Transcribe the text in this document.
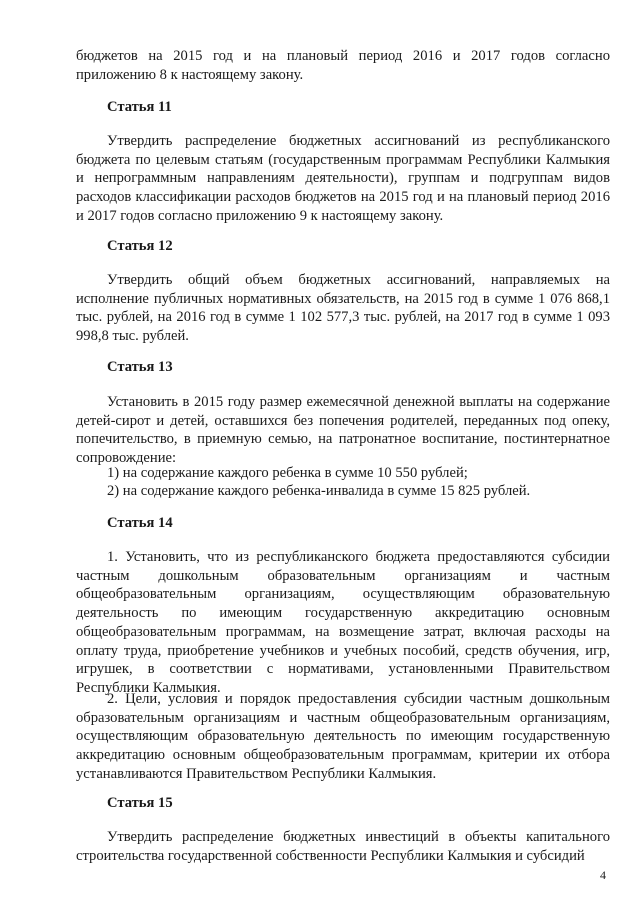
бюджетов на 2015 год и на плановый период 2016 и 2017 годов согласно приложению 8 к настоящему закону.
Статья 11
Утвердить распределение бюджетных ассигнований из республиканского бюджета по целевым статьям (государственным программам Республики Калмыкия и непрограммным направлениям деятельности), группам и подгруппам видов расходов классификации расходов бюджетов на 2015 год и на плановый период 2016 и 2017 годов согласно приложению 9 к настоящему закону.
Статья 12
Утвердить общий объем бюджетных ассигнований, направляемых на исполнение публичных нормативных обязательств, на 2015 год в сумме 1 076 868,1 тыс. рублей, на 2016 год в сумме 1 102 577,3 тыс. рублей, на 2017 год в сумме 1 093 998,8 тыс. рублей.
Статья 13
Установить в 2015 году размер ежемесячной денежной выплаты на содержание детей-сирот и детей, оставшихся без попечения родителей, переданных под опеку, попечительство, в приемную семью, на патронатное воспитание, постинтернатное сопровождение:
1) на содержание каждого ребенка в сумме 10 550 рублей;
2) на содержание каждого ребенка-инвалида в сумме 15 825 рублей.
Статья 14
1. Установить, что из республиканского бюджета предоставляются субсидии частным дошкольным образовательным организациям и частным общеобразовательным организациям, осуществляющим образовательную деятельность по имеющим государственную аккредитацию основным общеобразовательным программам, на возмещение затрат, включая расходы на оплату труда, приобретение учебников и учебных пособий, средств обучения, игр, игрушек, в соответствии с нормативами, установленными Правительством Республики Калмыкия.
2. Цели, условия и порядок предоставления субсидии частным дошкольным образовательным организациям и частным общеобразовательным организациям, осуществляющим образовательную деятельность по имеющим государственную аккредитацию основным общеобразовательным программам, критерии их отбора устанавливаются Правительством Республики Калмыкия.
Статья 15
Утвердить распределение бюджетных инвестиций в объекты капитального строительства государственной собственности Республики Калмыкия и субсидий
4
